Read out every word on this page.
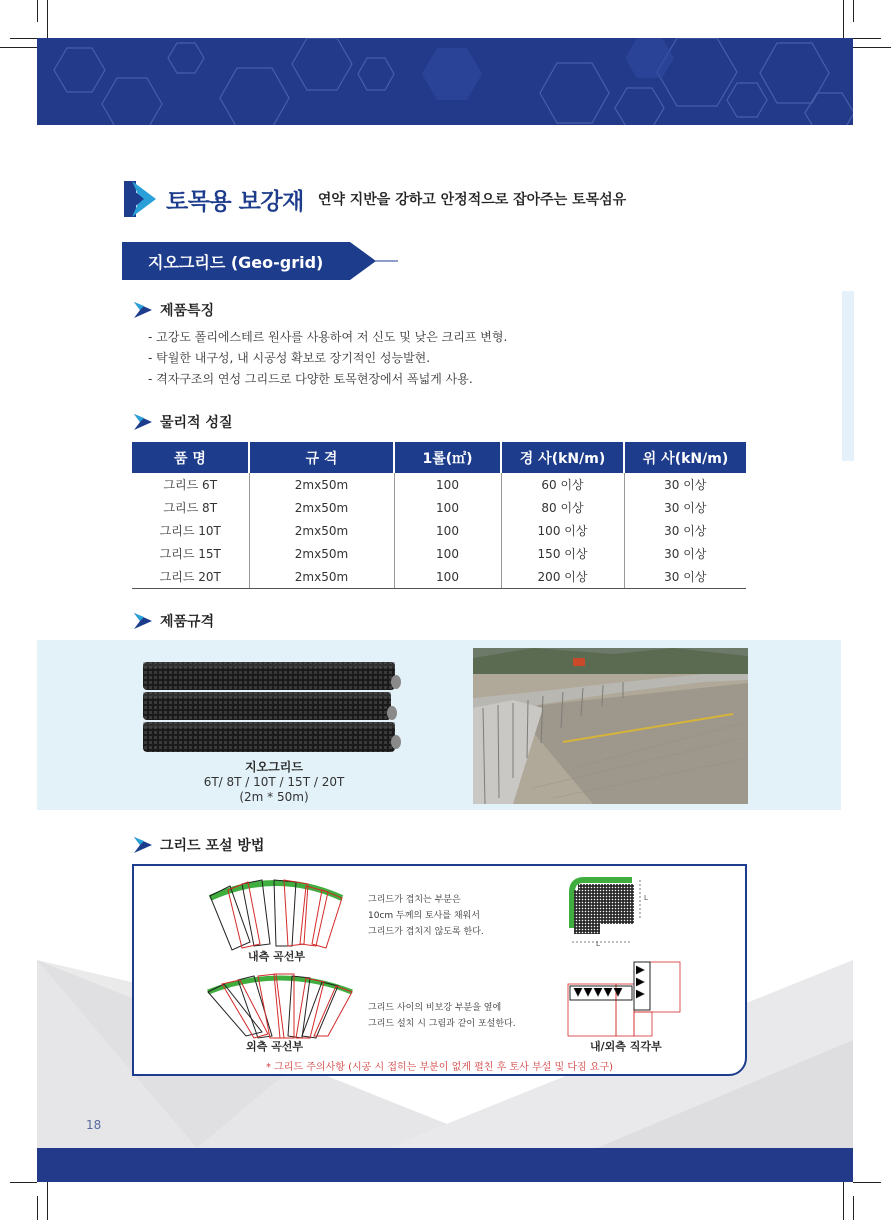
토목용 보강재 연약 지반을 강하고 안정적으로 잡아주는 토목섬유
지오그리드 (Geo-grid)
제품특징
- 고강도 폴리에스테르 원사를 사용하여 저 신도 및 낮은 크리프 변형.
- 탁월한 내구성, 내 시공성 확보로 장기적인 성능발현.
- 격자구조의 연성 그리드로 다양한 토목현장에서 폭넓게 사용.
물리적 성질
품 명	규 격	1롤(㎡)	경 사(kN/m)	위 사(kN/m)
그리드 6T	2mx50m	100	60 이상	30 이상
그리드 8T	2mx50m	100	80 이상	30 이상
그리드 10T	2mx50m	100	100 이상	30 이상
그리드 15T	2mx50m	100	150 이상	30 이상
그리드 20T	2mx50m	100	200 이상	30 이상
제품규격
지오그리드
6T/ 8T / 10T / 15T / 20T
(2m * 50m)
그리드 포설 방법
내측 곡선부
외측 곡선부
그리드가 겹치는 부분은
10cm 두께의 토사를 채워서
그리드가 겹치지 않도록 한다.
그리드 사이의 비보강 부분을 옆에
그리드 설치 시 그림과 같이 포설한다.
L
L
내/외측 직각부
* 그리드 주의사항 (시공 시 접히는 부분이 없게 펼친 후 토사 부설 및 다짐 요구)
18
